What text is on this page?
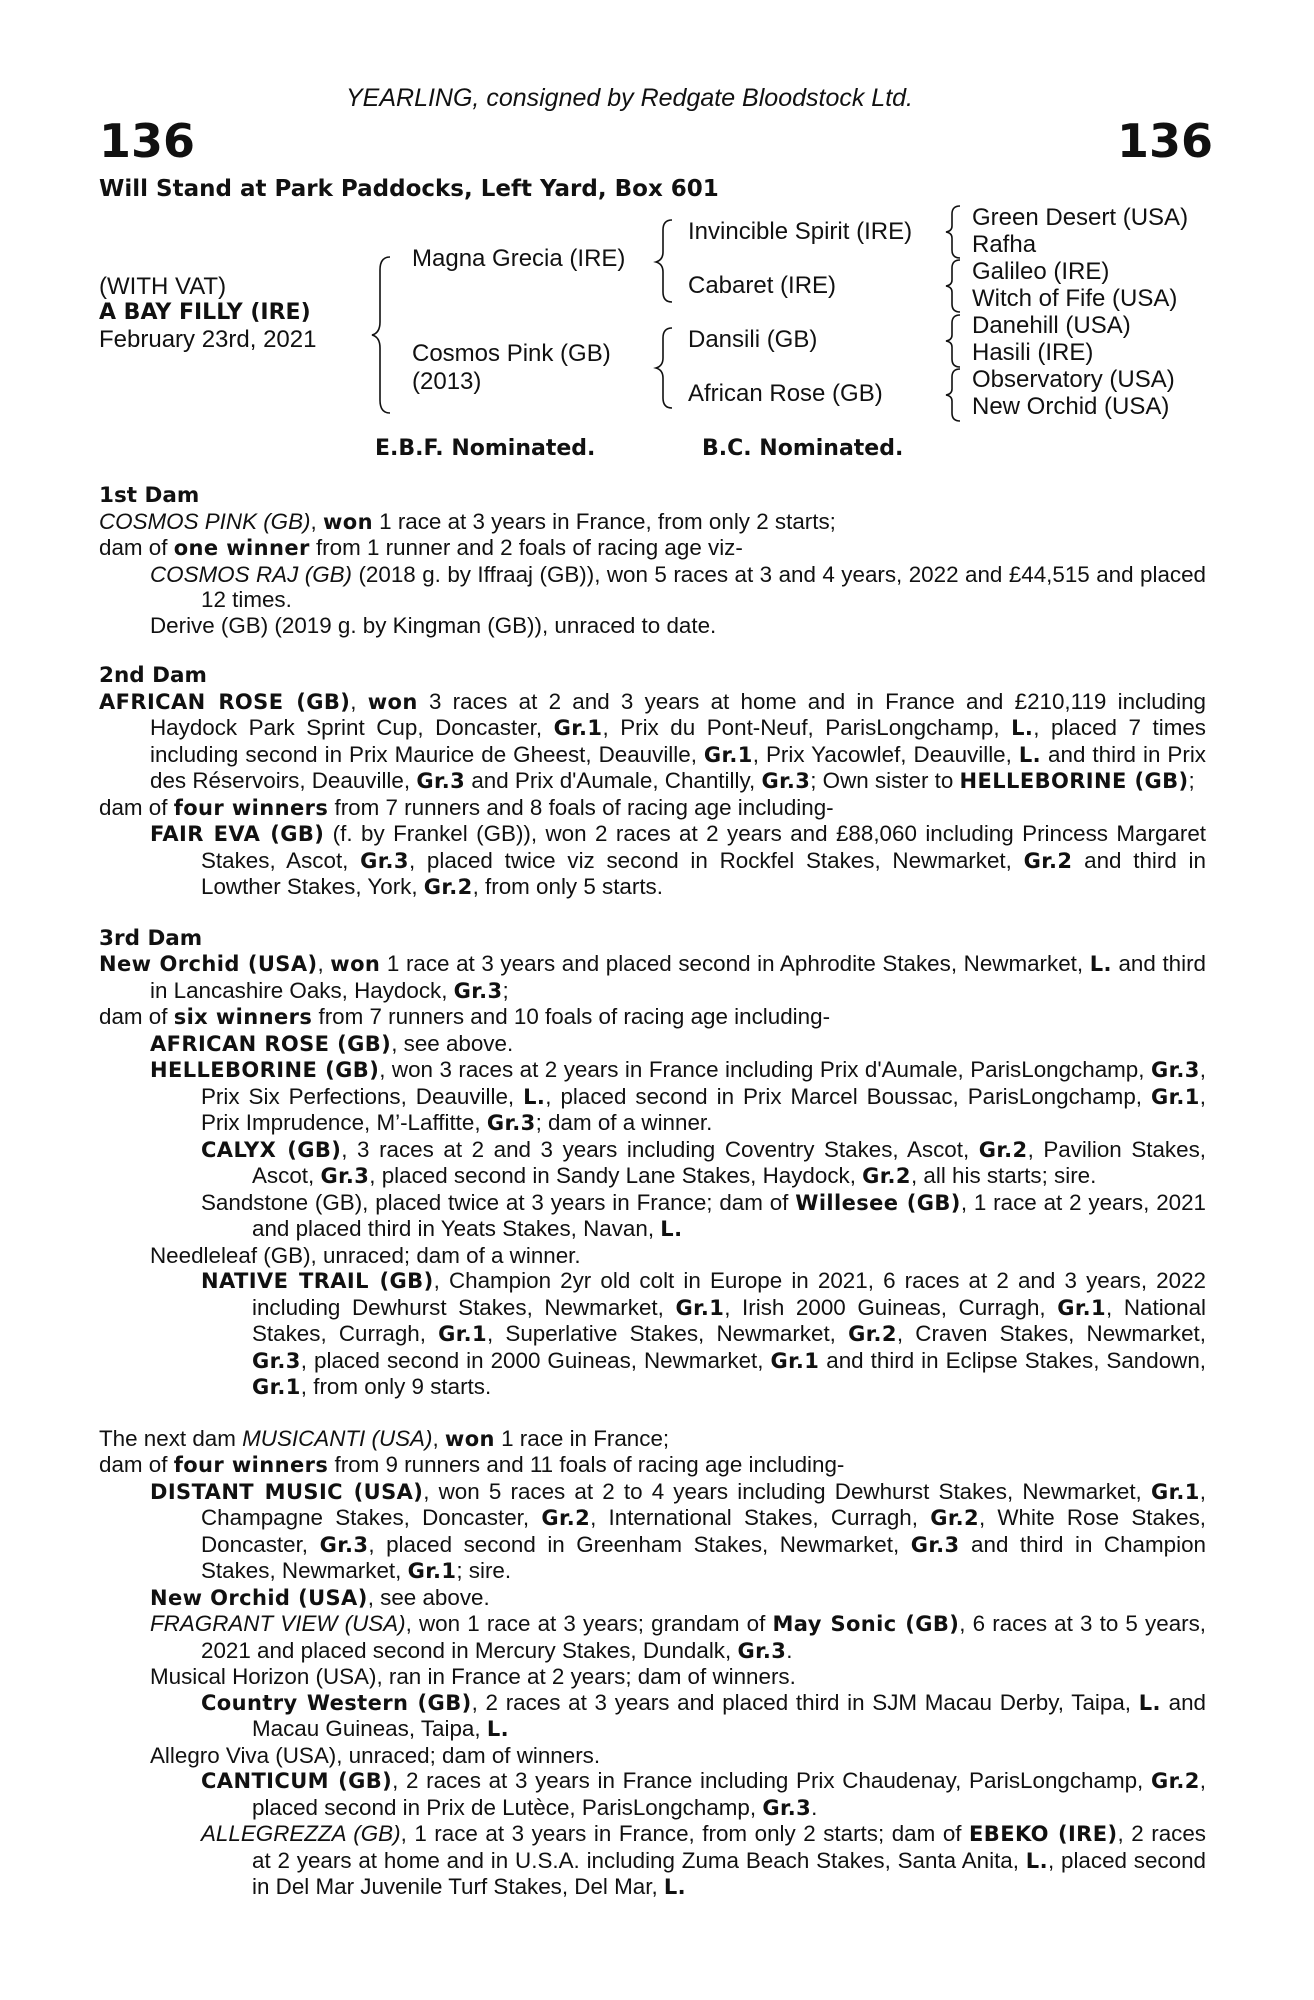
YEARLING, consigned by Redgate Bloodstock Ltd.
136	136
Will Stand at Park Paddocks, Left Yard, Box 601
(WITH VAT)
A BAY FILLY (IRE)
February 23rd, 2021
Magna Grecia (IRE)
Cosmos Pink (GB)
(2013)
Invincible Spirit (IRE)
Cabaret (IRE)
Dansili (GB)
African Rose (GB)
Green Desert (USA)
Rafha
Galileo (IRE)
Witch of Fife (USA)
Danehill (USA)
Hasili (IRE)
Observatory (USA)
New Orchid (USA)
E.B.F. Nominated.	B.C. Nominated.
1st Dam
COSMOS PINK (GB), won 1 race at 3 years in France, from only 2 starts;
dam of one winner from 1 runner and 2 foals of racing age viz-
COSMOS RAJ (GB) (2018 g. by Iffraaj (GB)), won 5 races at 3 and 4 years, 2022 and £44,515 and placed 12 times.
Derive (GB) (2019 g. by Kingman (GB)), unraced to date.
2nd Dam
AFRICAN ROSE (GB), won 3 races at 2 and 3 years at home and in France and £210,119 including Haydock Park Sprint Cup, Doncaster, Gr.1, Prix du Pont-Neuf, ParisLongchamp, L., placed 7 times including second in Prix Maurice de Gheest, Deauville, Gr.1, Prix Yacowlef, Deauville, L. and third in Prix des Réservoirs, Deauville, Gr.3 and Prix d'Aumale, Chantilly, Gr.3; Own sister to HELLEBORINE (GB);
dam of four winners from 7 runners and 8 foals of racing age including-
FAIR EVA (GB) (f. by Frankel (GB)), won 2 races at 2 years and £88,060 including Princess Margaret Stakes, Ascot, Gr.3, placed twice viz second in Rockfel Stakes, Newmarket, Gr.2 and third in Lowther Stakes, York, Gr.2, from only 5 starts.
3rd Dam
New Orchid (USA), won 1 race at 3 years and placed second in Aphrodite Stakes, Newmarket, L. and third in Lancashire Oaks, Haydock, Gr.3;
dam of six winners from 7 runners and 10 foals of racing age including-
AFRICAN ROSE (GB), see above.
HELLEBORINE (GB), won 3 races at 2 years in France including Prix d'Aumale, ParisLongchamp, Gr.3, Prix Six Perfections, Deauville, L., placed second in Prix Marcel Boussac, ParisLongchamp, Gr.1, Prix Imprudence, M’-Laffitte, Gr.3; dam of a winner.
CALYX (GB), 3 races at 2 and 3 years including Coventry Stakes, Ascot, Gr.2, Pavilion Stakes, Ascot, Gr.3, placed second in Sandy Lane Stakes, Haydock, Gr.2, all his starts; sire.
Sandstone (GB), placed twice at 3 years in France; dam of Willesee (GB), 1 race at 2 years, 2021 and placed third in Yeats Stakes, Navan, L.
Needleleaf (GB), unraced; dam of a winner.
NATIVE TRAIL (GB), Champion 2yr old colt in Europe in 2021, 6 races at 2 and 3 years, 2022 including Dewhurst Stakes, Newmarket, Gr.1, Irish 2000 Guineas, Curragh, Gr.1, National Stakes, Curragh, Gr.1, Superlative Stakes, Newmarket, Gr.2, Craven Stakes, Newmarket, Gr.3, placed second in 2000 Guineas, Newmarket, Gr.1 and third in Eclipse Stakes, Sandown, Gr.1, from only 9 starts.
The next dam MUSICANTI (USA), won 1 race in France;
dam of four winners from 9 runners and 11 foals of racing age including-
DISTANT MUSIC (USA), won 5 races at 2 to 4 years including Dewhurst Stakes, Newmarket, Gr.1, Champagne Stakes, Doncaster, Gr.2, International Stakes, Curragh, Gr.2, White Rose Stakes, Doncaster, Gr.3, placed second in Greenham Stakes, Newmarket, Gr.3 and third in Champion Stakes, Newmarket, Gr.1; sire.
New Orchid (USA), see above.
FRAGRANT VIEW (USA), won 1 race at 3 years; grandam of May Sonic (GB), 6 races at 3 to 5 years, 2021 and placed second in Mercury Stakes, Dundalk, Gr.3.
Musical Horizon (USA), ran in France at 2 years; dam of winners.
Country Western (GB), 2 races at 3 years and placed third in SJM Macau Derby, Taipa, L. and Macau Guineas, Taipa, L.
Allegro Viva (USA), unraced; dam of winners.
CANTICUM (GB), 2 races at 3 years in France including Prix Chaudenay, ParisLongchamp, Gr.2, placed second in Prix de Lutèce, ParisLongchamp, Gr.3.
ALLEGREZZA (GB), 1 race at 3 years in France, from only 2 starts; dam of EBEKO (IRE), 2 races at 2 years at home and in U.S.A. including Zuma Beach Stakes, Santa Anita, L., placed second in Del Mar Juvenile Turf Stakes, Del Mar, L.
